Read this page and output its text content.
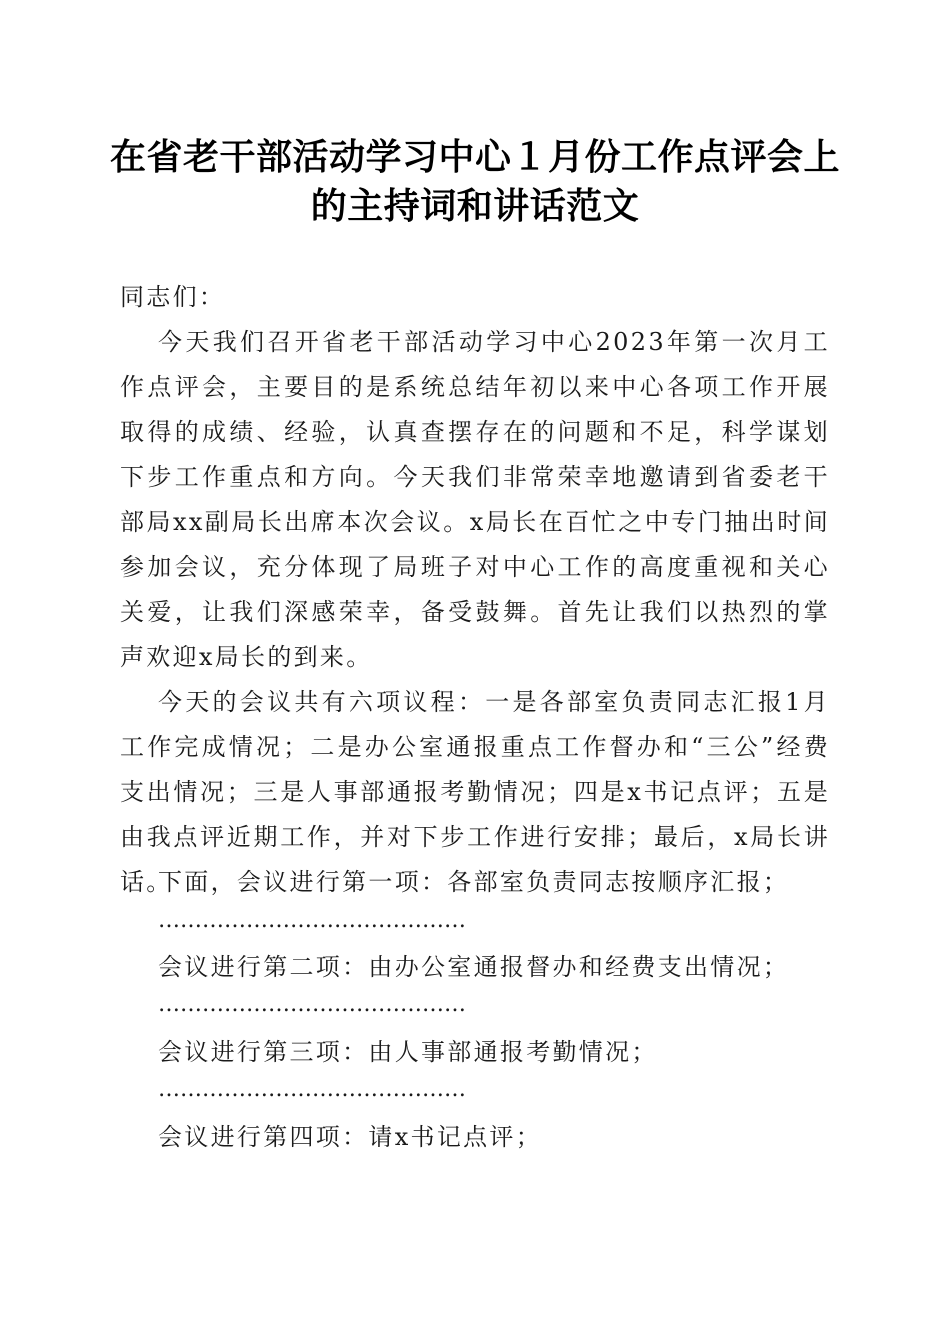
在省老干部活动学习中心１月份工作点评会上
的主持词和讲话范文
同志们：

今天我们召开省老干部活动学习中心2023年第一次月工作点评会，主要目的是系统总结年初以来中心各项工作开展取得的成绩、经验，认真查摆存在的问题和不足，科学谋划下步工作重点和方向。今天我们非常荣幸地邀请到省委老干部局xx副局长出席本次会议。x局长在百忙之中专门抽出时间参加会议，充分体现了局班子对中心工作的高度重视和关心关爱，让我们深感荣幸，备受鼓舞。首先让我们以热烈的掌声欢迎x局长的到来。

今天的会议共有六项议程：一是各部室负责同志汇报1月工作完成情况；二是办公室通报重点工作督办和“三公”经费支出情况；三是人事部通报考勤情况；四是x书记点评；五是由我点评近期工作，并对下步工作进行安排；最后，x局长讲话。

下面，会议进行第一项：各部室负责同志按顺序汇报；
……………………………………
会议进行第二项：由办公室通报督办和经费支出情况；
……………………………………
会议进行第三项：由人事部通报考勤情况；
……………………………………
会议进行第四项：请x书记点评；
